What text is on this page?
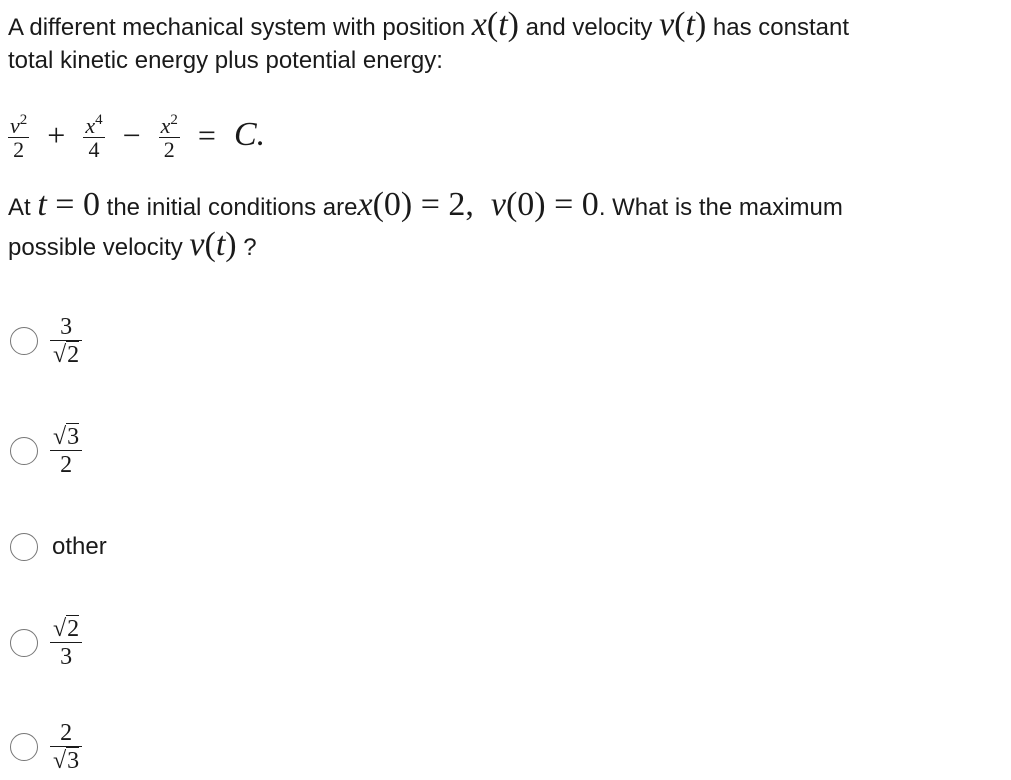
A different mechanical system with position x(t) and velocity v(t) has constant
total kinetic energy plus potential energy:
$\frac{v^2}{2} + \frac{x^4}{4} - \frac{x^2}{2} = C$.
At t = 0 the initial conditions arex(0) = 2,  v(0) = 0. What is the maximum
possible velocity v(t) ?
$\frac{3}{√2}$
$\frac{√3}{2}$
other
$\frac{√2}{3}$
$\frac{2}{√3}$
